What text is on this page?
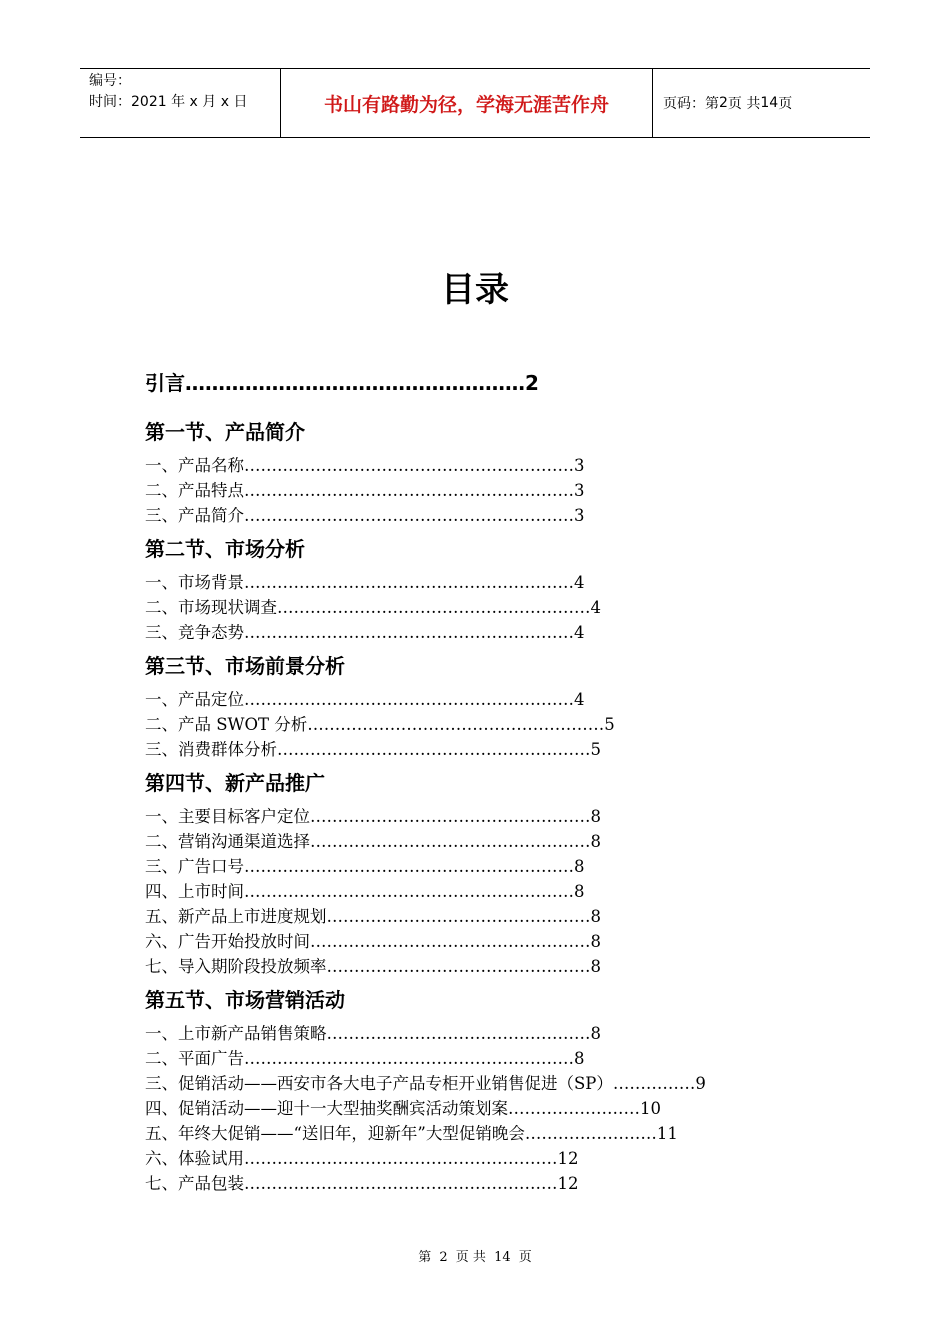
编号：
时间：2021 年 x 月 x 日	书山有路勤为径，学海无涯苦作舟	页码：第 2 页 共 14 页
目录
引言……………………………………………2
第一节、产品简介
一、产品名称……………………………………………………3
二、产品特点……………………………………………………3
三、产品简介……………………………………………………3
第二节、市场分析
一、市场背景……………………………………………………4
二、市场现状调查…………………………………………………4
三、竞争态势……………………………………………………4
第三节、市场前景分析
一、产品定位……………………………………………………4
二、产品 SWOT 分析………………………………………………5
三、消费群体分析…………………………………………………5
第四节、新产品推广
一、主要目标客户定位……………………………………………8
二、营销沟通渠道选择……………………………………………8
三、广告口号……………………………………………………8
四、上市时间……………………………………………………8
五、新产品上市进度规划…………………………………………8
六、广告开始投放时间……………………………………………8
七、导入期阶段投放频率…………………………………………8
第五节、市场营销活动
一、上市新产品销售策略…………………………………………8
二、平面广告……………………………………………………8
三、促销活动——西安市各大电子产品专柜开业销售促进（SP）……………9
四、促销活动——迎十一大型抽奖酬宾活动策划案……………………10
五、年终大促销——“送旧年，迎新年”大型促销晚会……………………11
六、体验试用…………………………………………………12
七、产品包装…………………………………………………12
第 2 页 共 14 页
